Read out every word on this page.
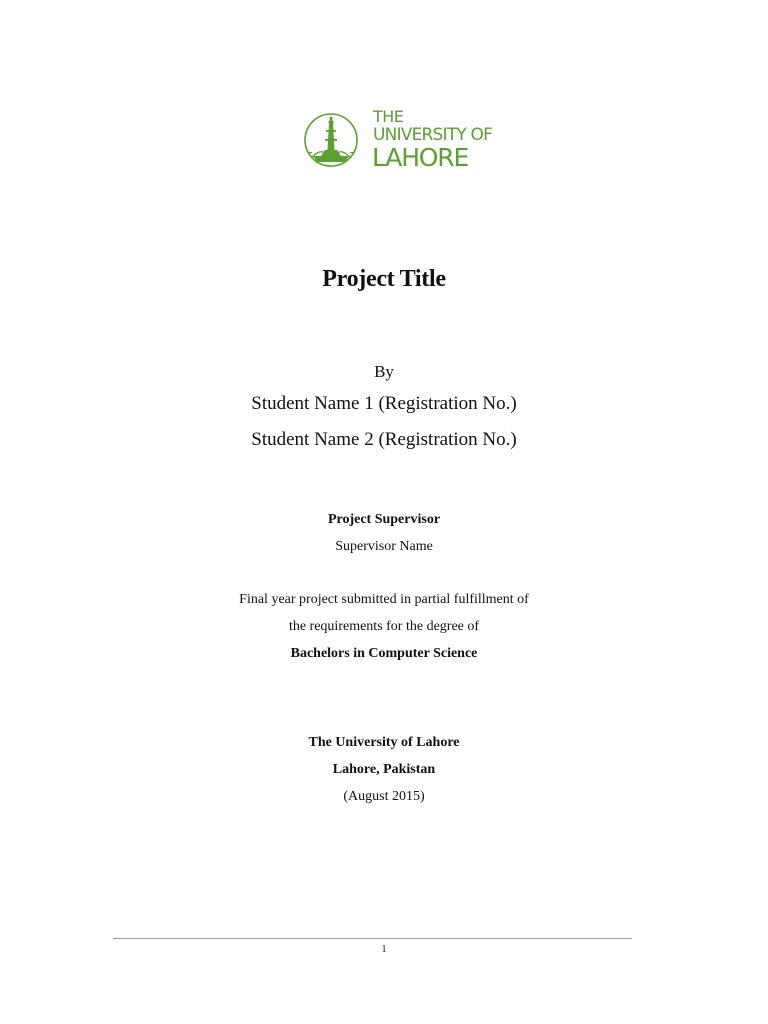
THE
UNIVERSITY OF
LAHORE
Project Title
By
Student Name 1 (Registration No.)
Student Name 2 (Registration No.)
Project Supervisor
Supervisor Name
Final year project submitted in partial fulfillment of
the requirements for the degree of
Bachelors in Computer Science
The University of Lahore
Lahore, Pakistan
(August 2015)
1
